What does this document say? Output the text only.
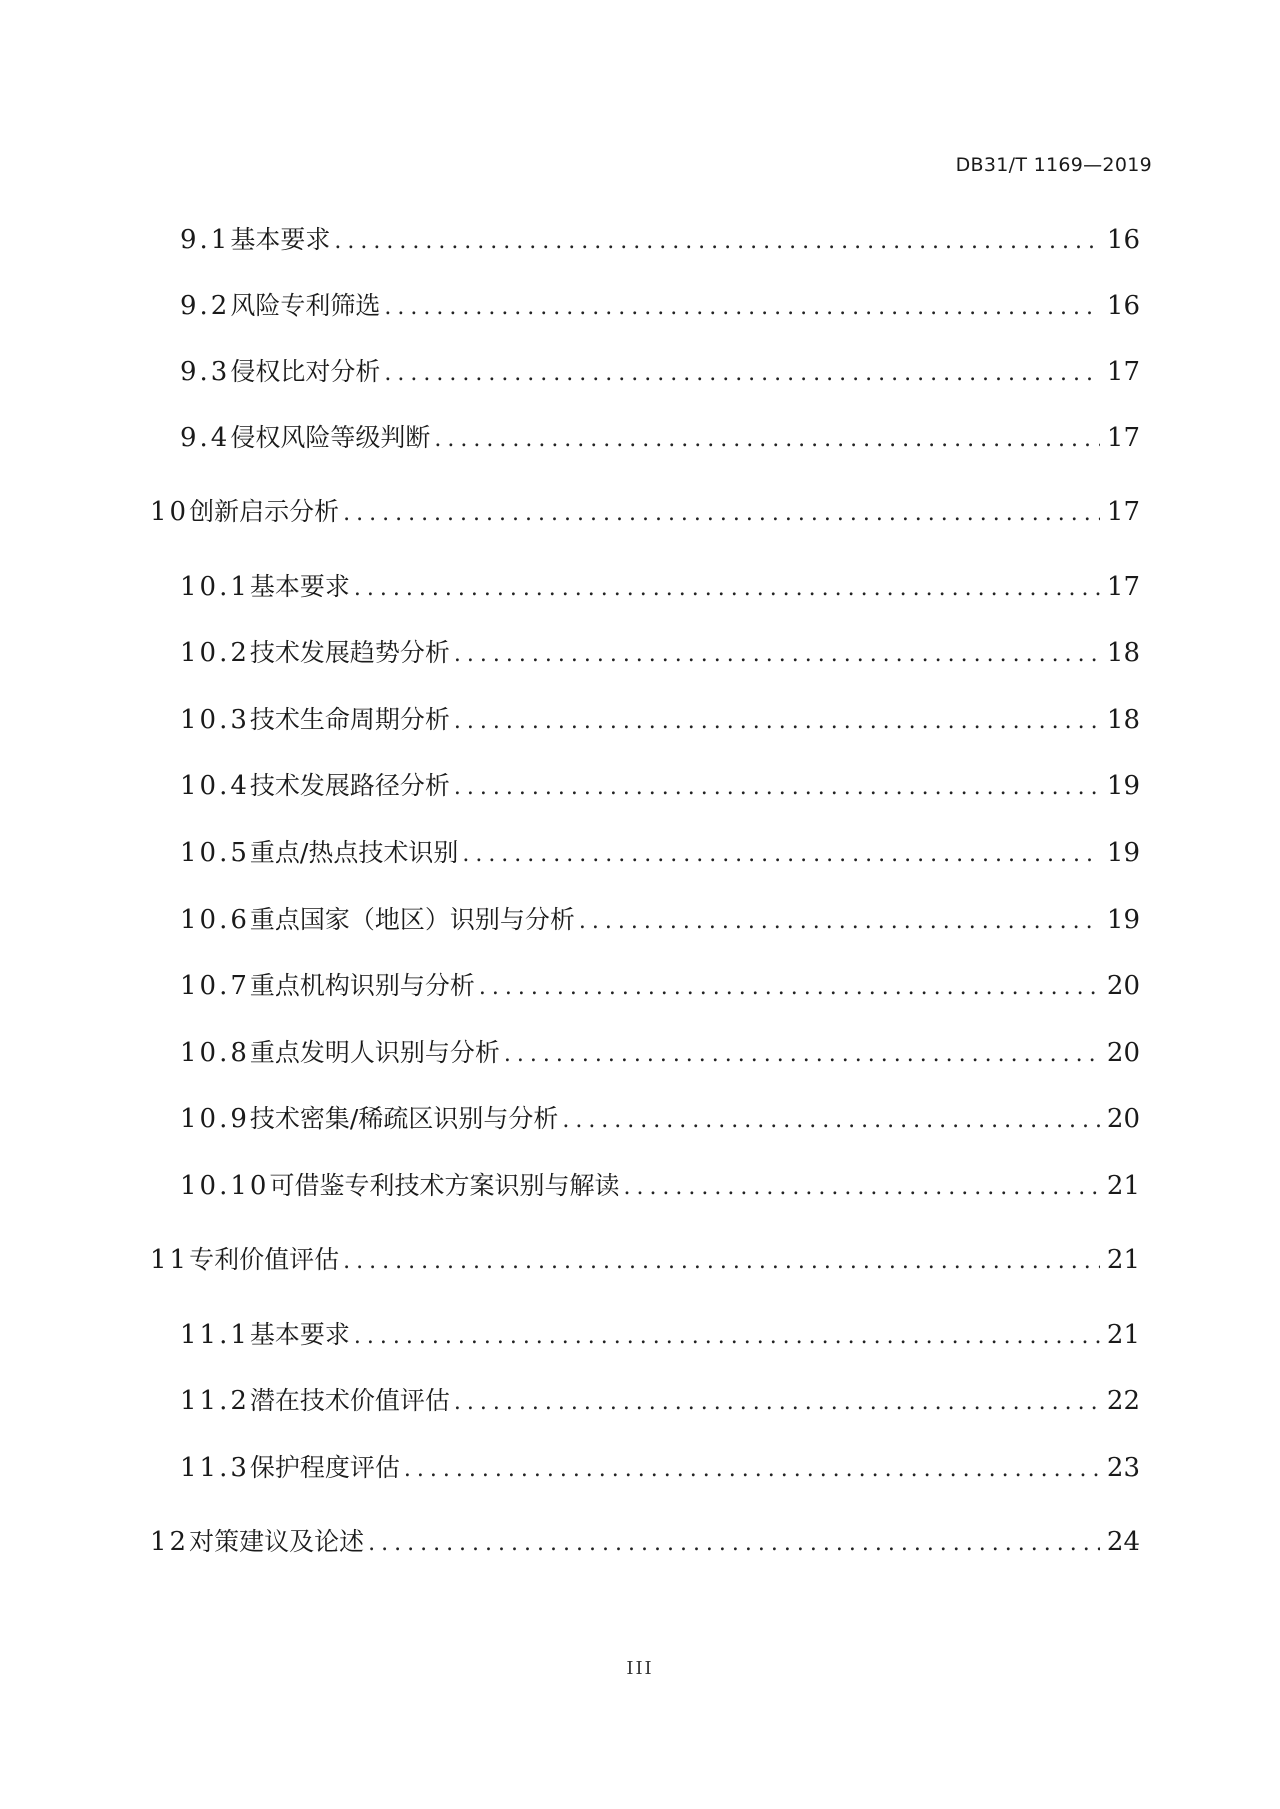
DB31/T 1169—2019
9.1 基本要求 .....	16
9.2 风险专利筛选 .....	16
9.3 侵权比对分析 .....	17
9.4 侵权风险等级判断 .....	17
10 创新启示分析 .....	17
10.1 基本要求 .....	17
10.2 技术发展趋势分析 .....	18
10.3 技术生命周期分析 .....	18
10.4 技术发展路径分析 .....	19
10.5 重点/热点技术识别 .....	19
10.6 重点国家（地区）识别与分析 .....	19
10.7 重点机构识别与分析 .....	20
10.8 重点发明人识别与分析 .....	20
10.9 技术密集/稀疏区识别与分析 .....	20
10.10 可借鉴专利技术方案识别与解读 .....	21
11 专利价值评估 .....	21
11.1 基本要求 .....	21
11.2 潜在技术价值评估 .....	22
11.3 保护程度评估 .....	23
12 对策建议及论述 .....	24
III
